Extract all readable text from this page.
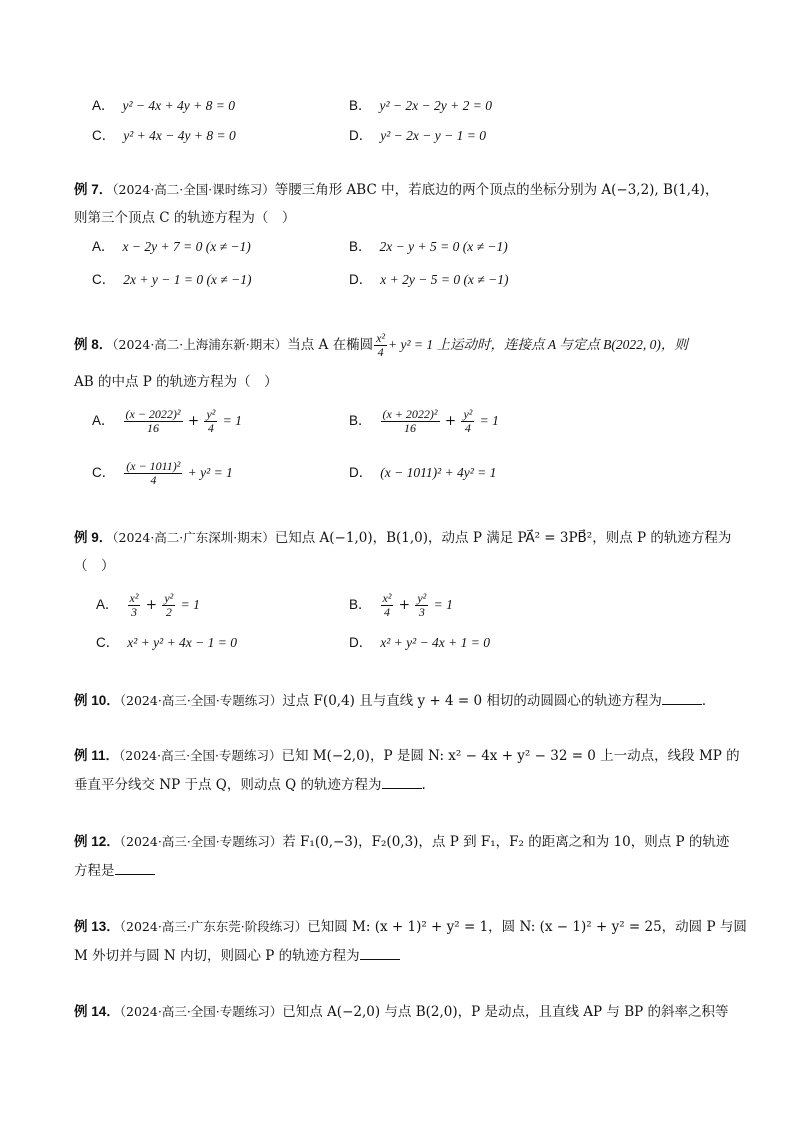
A． y² − 4x + 4y + 8 = 0	B． y² − 2x − 2y + 2 = 0
C． y² + 4x − 4y + 8 = 0	D． y² − 2x − y − 1 = 0
例 7．（2024·高二·全国·课时练习）等腰三角形 ABC 中，若底边的两个顶点的坐标分别为 A(−3,2), B(1,4)，
则第三个顶点 C 的轨迹方程为（　）
A． x − 2y + 7 = 0 (x ≠ −1)	B． 2x − y + 5 = 0 (x ≠ −1)
C． 2x + y − 1 = 0 (x ≠ −1)	D． x + 2y − 5 = 0 (x ≠ −1)
例 8．（2024·高二·上海浦东新·期末）当点 A 在椭圆 $\frac{\text{x²}}{4} + y^2 = 1$ 上运动时，连接点 A 与定点 B(2022, 0)，则
AB 的中点 P 的轨迹方程为（　）
A． $\frac{\text{(x − 2022)²}}{16} + \frac{\text{y²}}{4} = 1$	B． $\frac{\text{(x + 2022)²}}{16} + \frac{\text{y²}}{4} = 1$
C． $\frac{\text{(x − 1011)²}}{4} + y^2 = 1$	D． (x − 1011)² + 4y² = 1
例 9．（2024·高二·广东深圳·期末）已知点 A(−1,0)，B(1,0)，动点 P 满足 PA⃗² = 3PB⃗²，则点 P 的轨迹方程为
（　）
A． $\frac{\text{x²}}{3} + \frac{\text{y²}}{2} = 1$	B． $\frac{\text{x²}}{4} + \frac{\text{y²}}{3} = 1$
C． x² + y² + 4x − 1 = 0	D． x² + y² − 4x + 1 = 0
例 10．（2024·高三·全国·专题练习）过点 F(0,4) 且与直线 y + 4 = 0 相切的动圆圆心的轨迹方程为	．
例 11．（2024·高三·全国·专题练习）已知 M(−2,0)，P 是圆 N: x² − 4x + y² − 32 = 0 上一动点，线段 MP 的
垂直平分线交 NP 于点 Q，则动点 Q 的轨迹方程为	.
例 12．（2024·高三·全国·专题练习）若 F₁(0,−3)，F₂(0,3)，点 P 到 F₁，F₂ 的距离之和为 10，则点 P 的轨迹
方程是
例 13．（2024·高三·广东东莞·阶段练习）已知圆 M: (x + 1)² + y² = 1，圆 N: (x − 1)² + y² = 25，动圆 P 与圆
M 外切并与圆 N 内切，则圆心 P 的轨迹方程为
例 14．（2024·高三·全国·专题练习）已知点 A(−2,0) 与点 B(2,0)，P 是动点，且直线 AP 与 BP 的斜率之积等
